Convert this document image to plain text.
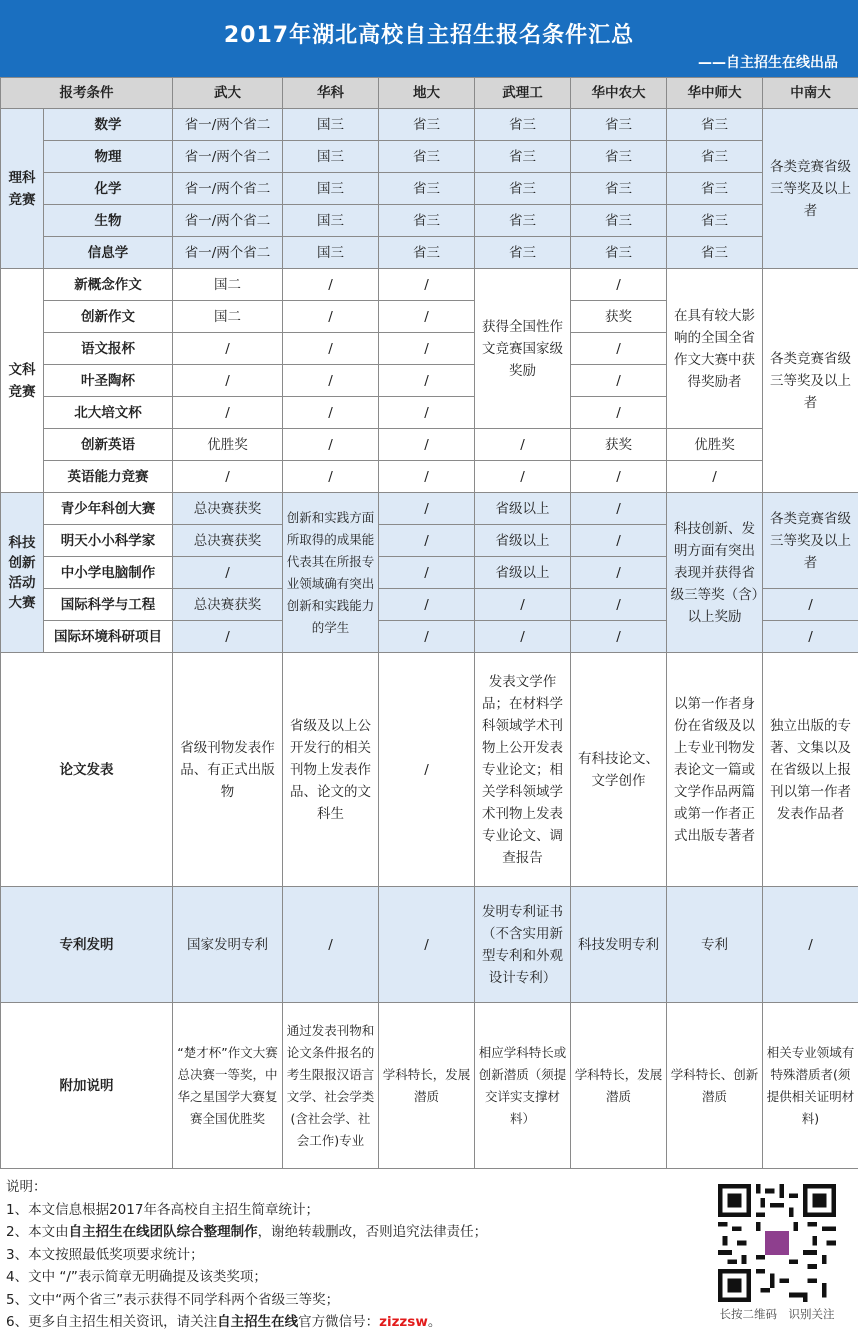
2017年湖北高校自主招生报名条件汇总
——自主招生在线出品
报考条件		武大	华科	地大	武理工	华中农大	华中师大	中南大
理科竞赛	数学	省一/两个省二	国三	省三	省三	省三	省三	各类竞赛省级三等奖及以上者
	物理	省一/两个省二	国三	省三	省三	省三	省三	
	化学	省一/两个省二	国三	省三	省三	省三	省三	
	生物	省一/两个省二	国三	省三	省三	省三	省三	
	信息学	省一/两个省二	国三	省三	省三	省三	省三	
文科竞赛	新概念作文	国二	/	/	获得全国性作文竞赛国家级奖励	/	在具有较大影响的全国全省作文大赛中获得奖励者	各类竞赛省级三等奖及以上者
	创新作文	国二	/	/		获奖		
	语文报杯	/	/	/		/		
	叶圣陶杯	/	/	/		/		
	北大培文杯	/	/	/		/		
	创新英语	优胜奖	/	/	/	获奖	优胜奖	
	英语能力竞赛	/	/	/	/	/	/	
科技创新活动大赛	青少年科创大赛	总决赛获奖	创新和实践方面所取得的成果能代表其在所报专业领域确有突出创新和实践能力的学生	/	省级以上	/	科技创新、发明方面有突出表现并获得省级三等奖（含）以上奖励	各类竞赛省级三等奖及以上者
	明天小小科学家	总决赛获奖		/	省级以上	/		
	中小学电脑制作	/		/	省级以上	/		
	国际科学与工程	总决赛获奖		/	/	/		/
	国际环境科研项目	/		/	/	/		/
论文发表		省级刊物发表作品、有正式出版物	省级及以上公开发行的相关刊物上发表作品、论文的文科生	/	发表文学作品；在材料学科领域学术刊物上公开发表专业论文；相关学科领域学术刊物上发表专业论文、调查报告	有科技论文、文学创作	以第一作者身份在省级及以上专业刊物发表论文一篇或文学作品两篇或第一作者正式出版专著者	独立出版的专著、文集以及在省级以上报刊以第一作者发表作品者
专利发明		国家发明专利	/	/	发明专利证书（不含实用新型专利和外观设计专利）	科技发明专利	专利	/
附加说明		“楚才杯”作文大赛总决赛一等奖，中华之星国学大赛复赛全国优胜奖	通过发表刊物和论文条件报名的考生限报汉语言文学、社会学类(含社会学、社会工作)专业	学科特长，发展潜质	相应学科特长或创新潜质（须提交详实支撑材料）	学科特长，发展潜质	学科特长、创新潜质	相关专业领域有特殊潜质者(须提供相关证明材料)
说明：
1、本文信息根据2017年各高校自主招生简章统计；
2、本文由自主招生在线团队综合整理制作，谢绝转载删改，否则追究法律责任；
3、本文按照最低奖项要求统计；
4、文中 “/”表示简章无明确提及该类奖项；
5、文中“两个省三”表示获得不同学科两个省级三等奖；
6、更多自主招生相关资讯，请关注自主招生在线官方微信号：zizzsw。	长按二维码　识别关注
